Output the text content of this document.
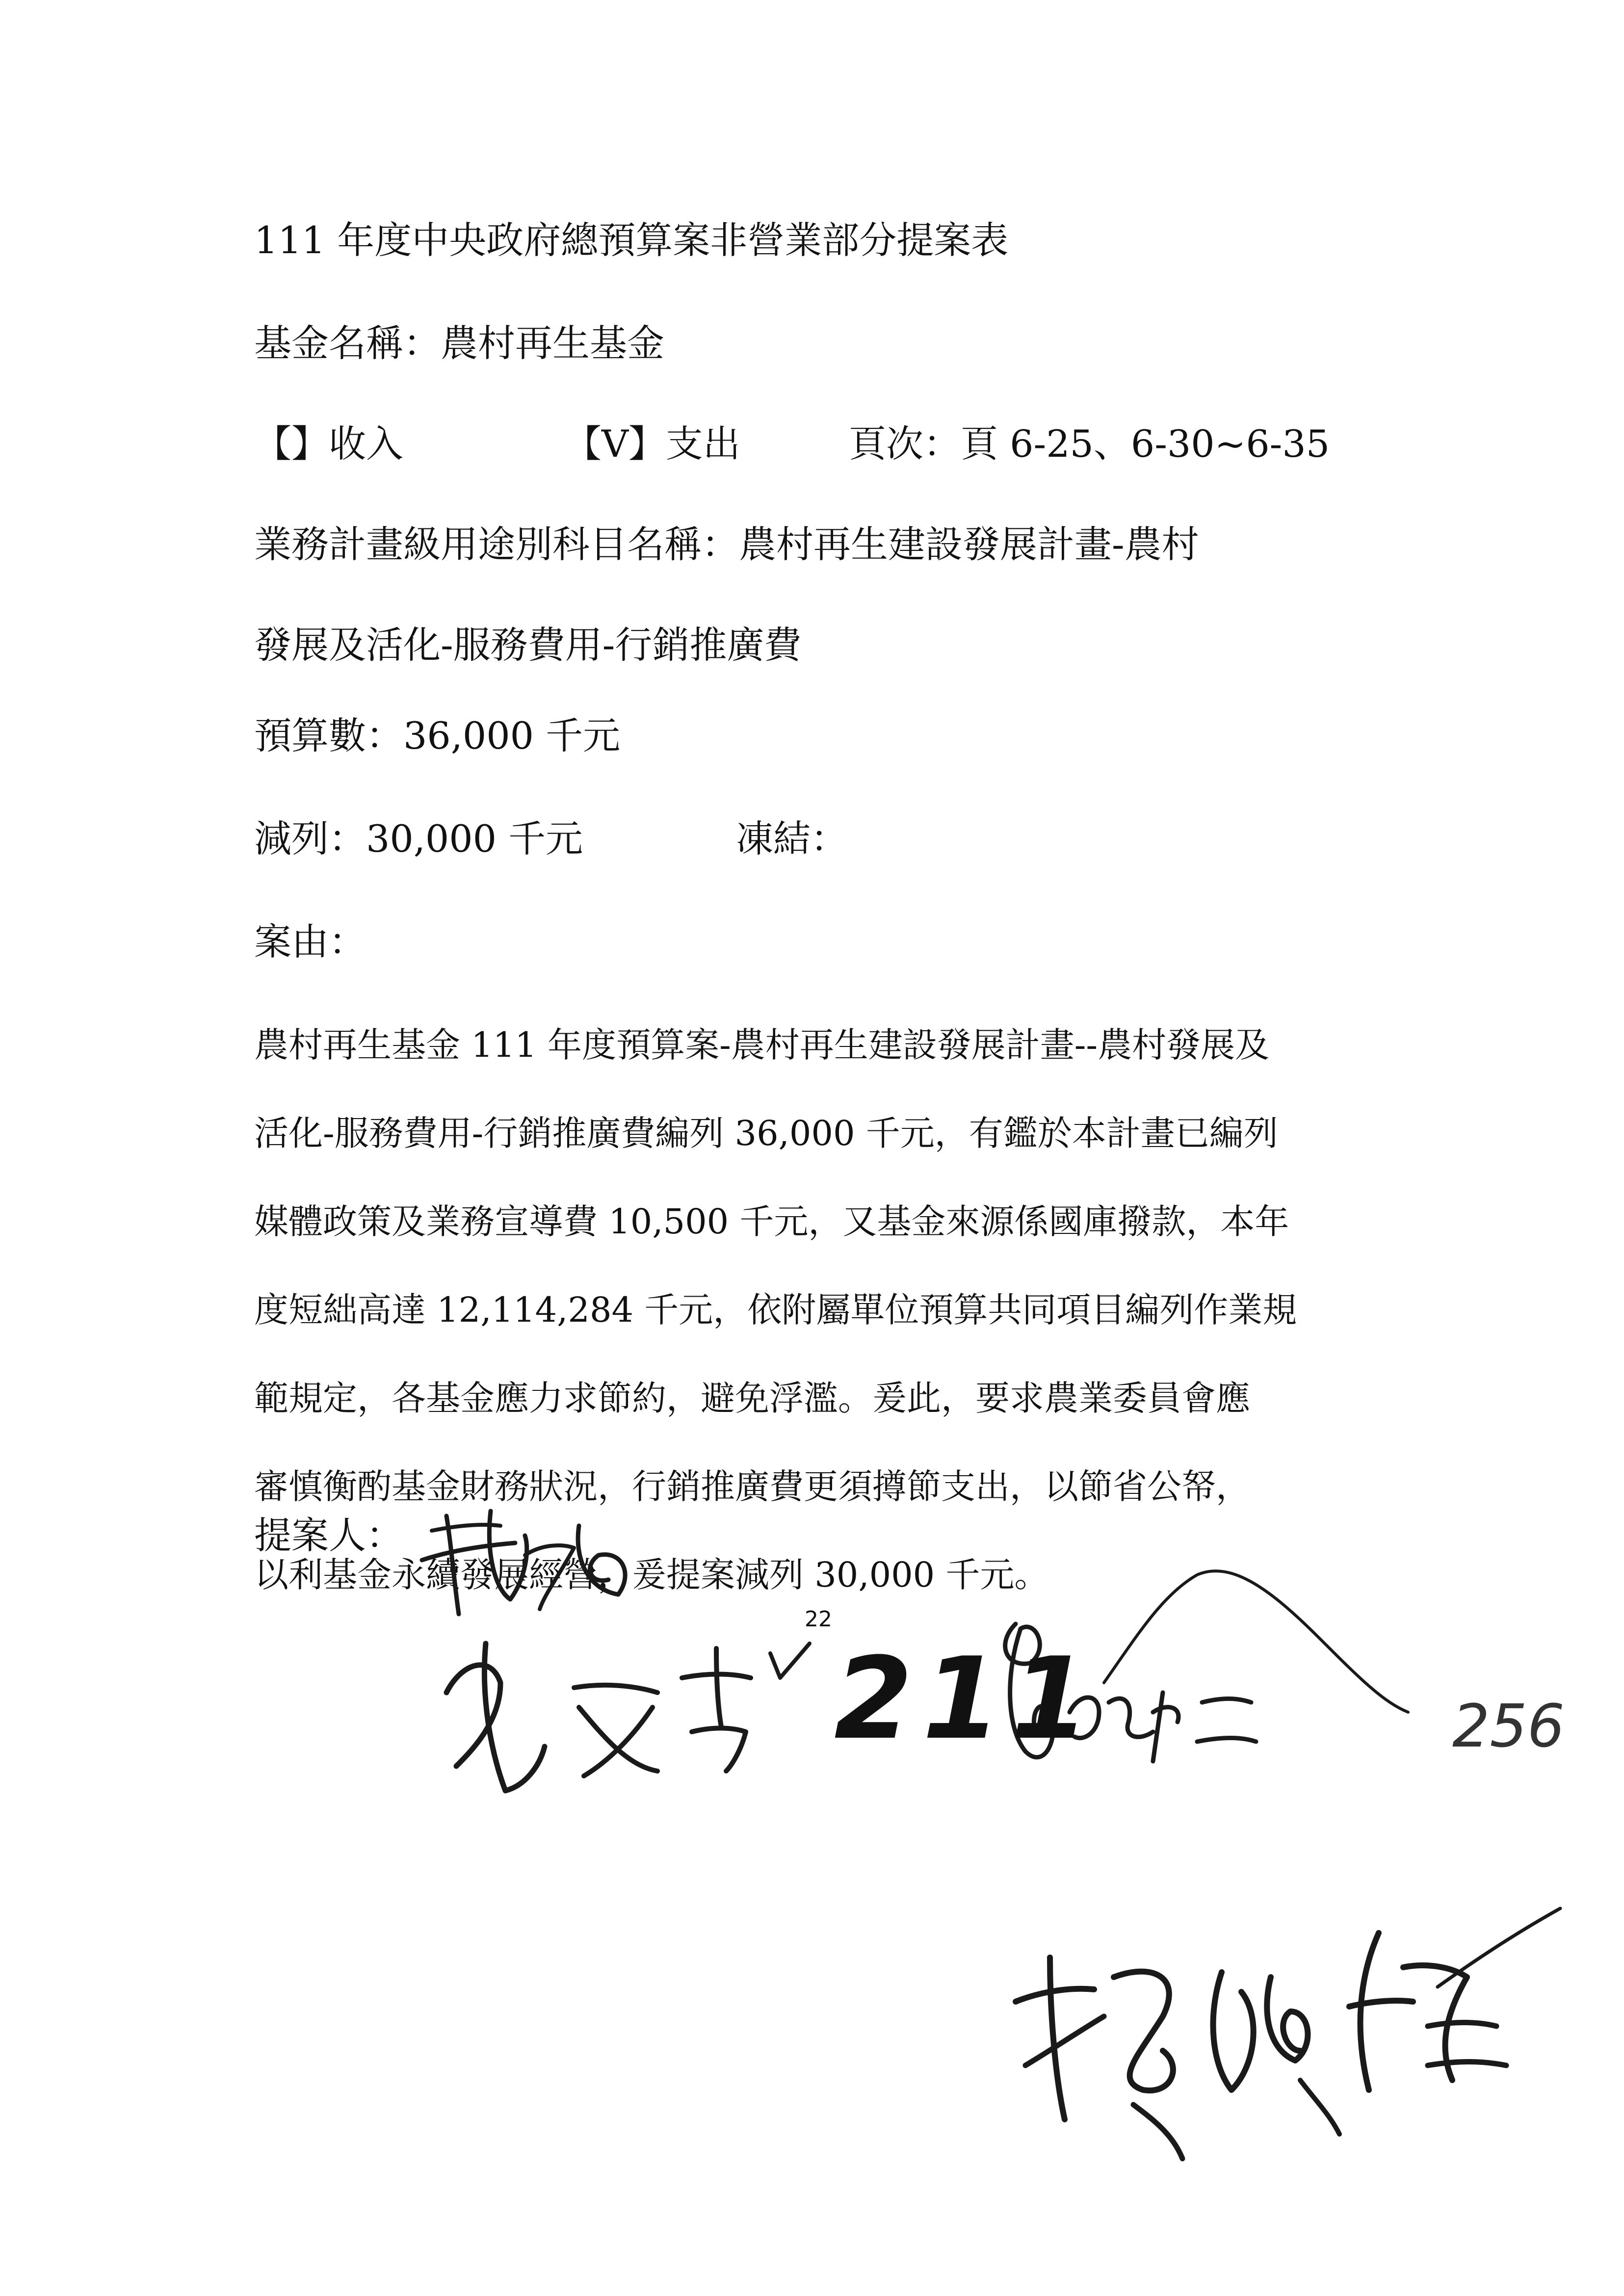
111 年度中央政府總預算案非營業部分提案表
基金名稱：農村再生基金
【】收入	【V】支出	頁次：頁 6-25、6-30~6-35
業務計畫級用途別科目名稱：農村再生建設發展計畫-農村
發展及活化-服務費用-行銷推廣費
預算數：36,000 千元
減列：30,000 千元	凍結：
案由：
農村再生基金 111 年度預算案-農村再生建設發展計畫--農村發展及
活化-服務費用-行銷推廣費編列 36,000 千元，有鑑於本計畫已編列
媒體政策及業務宣導費 10,500 千元，又基金來源係國庫撥款，本年
度短絀高達 12,114,284 千元，依附屬單位預算共同項目編列作業規
範規定，各基金應力求節約，避免浮濫。爰此，要求農業委員會應
審慎衡酌基金財務狀況，行銷推廣費更須撙節支出，以節省公帑，
以利基金永續發展經營，爰提案減列 30,000 千元。
提案人：
22
211	256
